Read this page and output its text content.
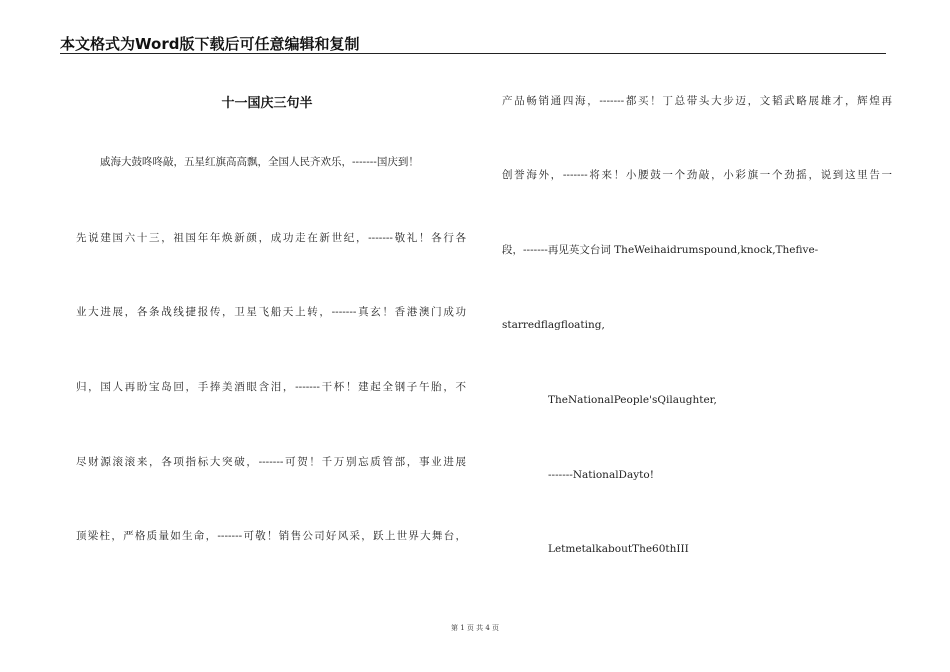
本文格式为Word版下载后可任意编辑和复制
十一国庆三句半
戚海大鼓咚咚敲，五星红旗高高飘，全国人民齐欢乐，-------国庆到！
先说建国六十三，祖国年年焕新颜，成功走在新世纪，-------敬礼！各行各
业大进展，各条战线捷报传，卫星飞船天上转，-------真玄！香港澳门成功
归，国人再盼宝岛回，手捧美酒眼含泪，-------干杯！建起全钢子午胎，不
尽财源滚滚来，各项指标大突破，-------可贺！千万别忘质管部，事业进展
顶梁柱，严格质量如生命，-------可敬！销售公司好风采，跃上世界大舞台，
产品畅销通四海，-------都买！丁总带头大步迈，文韬武略展雄才，辉煌再
创誉海外，-------将来！小腰鼓一个劲敲，小彩旗一个劲摇，说到这里告一
段，-------再见英文台词 TheWeihaidrumspound,knock,Thefive-
starredflagfloating,
TheNationalPeople'sQilaughter,
-------NationalDayto!
LetmetalkaboutThe60thIII
第 1 页 共 4 页
